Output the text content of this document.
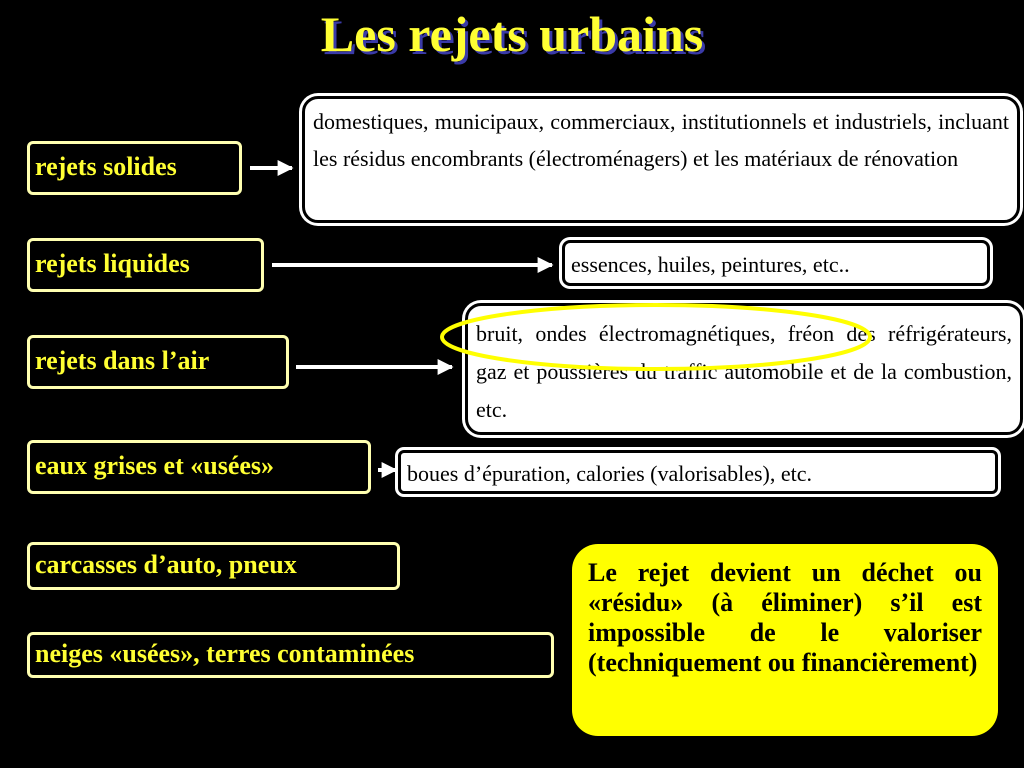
Les rejets urbains
rejets solides
rejets liquides
rejets dans l’air
eaux grises et «usées»
carcasses d’auto, pneux
neiges «usées», terres contaminées
domestiques, municipaux, commerciaux, institutionnels et industriels, incluant les résidus encombrants (électroménagers) et les matériaux de rénovation
essences, huiles, peintures, etc..
bruit, ondes électromagnétiques, fréon des réfrigérateurs, gaz et poussières du traffic automobile et de la combustion, etc.
boues d’épuration, calories (valorisables), etc.
Le rejet devient un déchet ou «résidu» (à éliminer) s’il est impossible de le valoriser (techniquement ou financièrement)
